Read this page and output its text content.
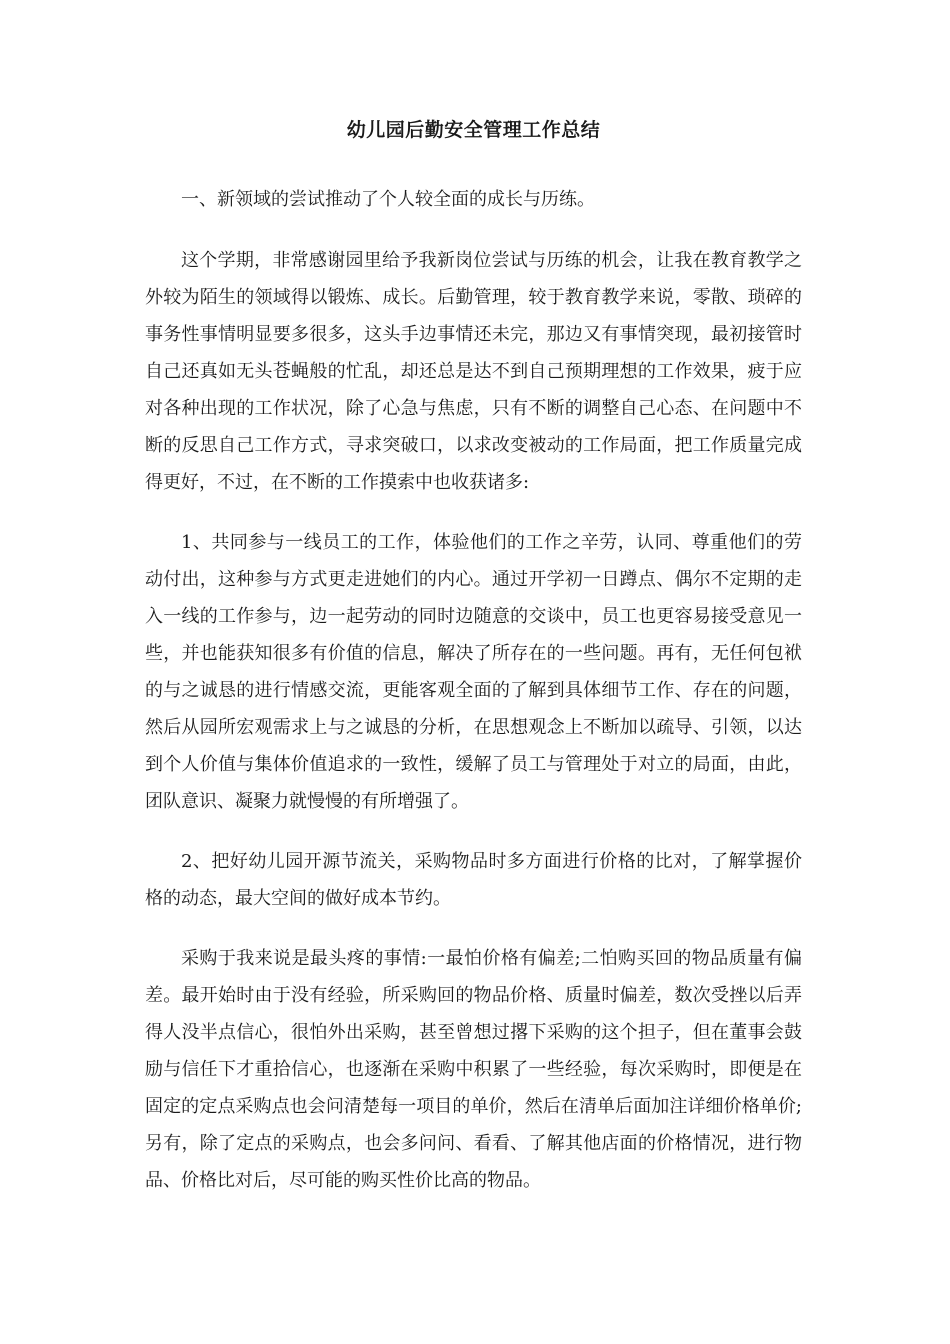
幼儿园后勤安全管理工作总结

一、新领域的尝试推动了个人较全面的成长与历练。

这个学期，非常感谢园里给予我新岗位尝试与历练的机会，让我在教育教学之外较为陌生的领域得以锻炼、成长。后勤管理，较于教育教学来说，零散、琐碎的事务性事情明显要多很多，这头手边事情还未完，那边又有事情突现，最初接管时自己还真如无头苍蝇般的忙乱，却还总是达不到自己预期理想的工作效果，疲于应对各种出现的工作状况，除了心急与焦虑，只有不断的调整自己心态、在问题中不断的反思自己工作方式，寻求突破口，以求改变被动的工作局面，把工作质量完成得更好，不过，在不断的工作摸索中也收获诸多:

1、共同参与一线员工的工作，体验他们的工作之辛劳，认同、尊重他们的劳动付出，这种参与方式更走进她们的内心。通过开学初一日蹲点、偶尔不定期的走入一线的工作参与，边一起劳动的同时边随意的交谈中，员工也更容易接受意见一些，并也能获知很多有价值的信息，解决了所存在的一些问题。再有，无任何包袱的与之诚恳的进行情感交流，更能客观全面的了解到具体细节工作、存在的问题，然后从园所宏观需求上与之诚恳的分析，在思想观念上不断加以疏导、引领，以达到个人价值与集体价值追求的一致性，缓解了员工与管理处于对立的局面，由此，团队意识、凝聚力就慢慢的有所增强了。

2、把好幼儿园开源节流关，采购物品时多方面进行价格的比对，了解掌握价格的动态，最大空间的做好成本节约。

采购于我来说是最头疼的事情:一最怕价格有偏差;二怕购买回的物品质量有偏差。最开始时由于没有经验，所采购回的物品价格、质量时偏差，数次受挫以后弄得人没半点信心，很怕外出采购，甚至曾想过撂下采购的这个担子，但在董事会鼓励与信任下才重拾信心，也逐渐在采购中积累了一些经验，每次采购时，即便是在固定的定点采购点也会问清楚每一项目的单价，然后在清单后面加注详细价格单价;另有，除了定点的采购点，也会多问问、看看、了解其他店面的价格情况，进行物品、价格比对后，尽可能的购买性价比高的物品。
